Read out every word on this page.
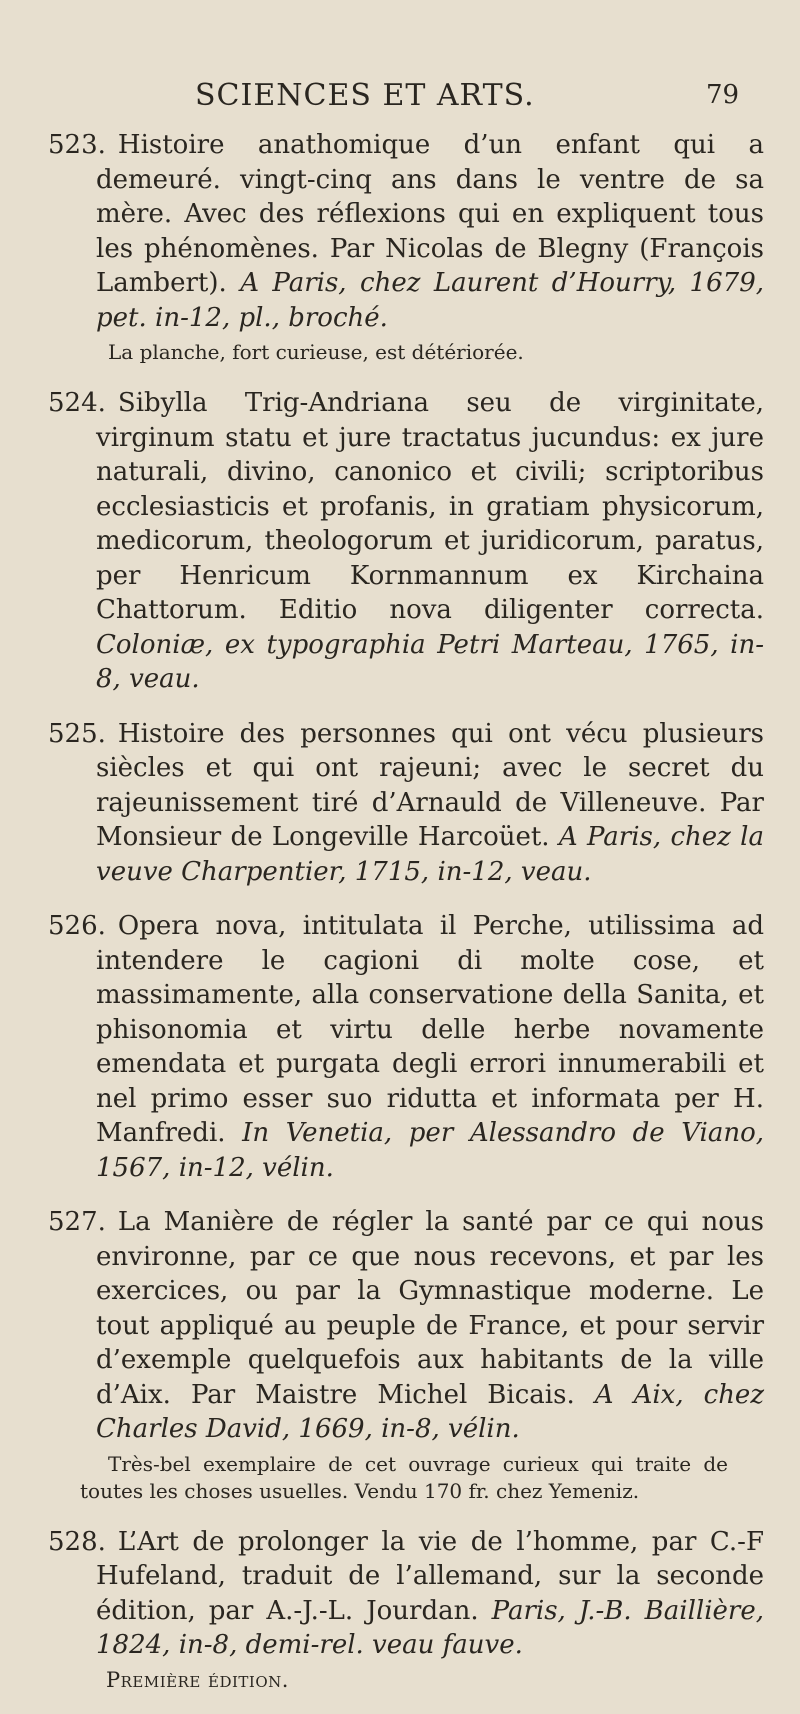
SCIENCES ET ARTS.	79

523. Histoire anathomique d’un enfant qui a demeuré. vingt-cinq ans dans le ventre de sa mère. Avec des réflexions qui en expliquent tous les phénomènes. Par Nicolas de Blegny (François Lambert). A Paris, chez Laurent d’Hourry, 1679, pet. in-12, pl., broché.

La planche, fort curieuse, est détériorée.

524. Sibylla Trig-Andriana seu de virginitate, virginum statu et jure tractatus jucundus: ex jure naturali, divino, canonico et civili; scriptoribus ecclesiasticis et profanis, in gratiam physicorum, medicorum, theologorum et juridicorum, paratus, per Henricum Kornmannum ex Kirchaina Chattorum. Editio nova diligenter correcta. Coloniæ, ex typographia Petri Marteau, 1765, in-8, veau.

525. Histoire des personnes qui ont vécu plusieurs siècles et qui ont rajeuni; avec le secret du rajeunissement tiré d’Arnauld de Villeneuve. Par Monsieur de Longeville Harcoüet. A Paris, chez la veuve Charpentier, 1715, in-12, veau.

526. Opera nova, intitulata il Perche, utilissima ad intendere le cagioni di molte cose, et massimamente, alla conservatione della Sanita, et phisonomia et virtu delle herbe novamente emendata et purgata degli errori innumerabili et nel primo esser suo ridutta et informata per H. Manfredi. In Venetia, per Alessandro de Viano, 1567, in-12, vélin.

527. La Manière de régler la santé par ce qui nous environne, par ce que nous recevons, et par les exercices, ou par la Gymnastique moderne. Le tout appliqué au peuple de France, et pour servir d’exemple quelquefois aux habitants de la ville d’Aix. Par Maistre Michel Bicais. A Aix, chez Charles David, 1669, in-8, vélin.

Très-bel exemplaire de cet ouvrage curieux qui traite de toutes les choses usuelles. Vendu 170 fr. chez Yemeniz.

528. L’Art de prolonger la vie de l’homme, par C.-F Hufeland, traduit de l’allemand, sur la seconde édition, par A.-J.-L. Jourdan. Paris, J.-B. Baillière, 1824, in-8, demi-rel. veau fauve.

Première édition.
